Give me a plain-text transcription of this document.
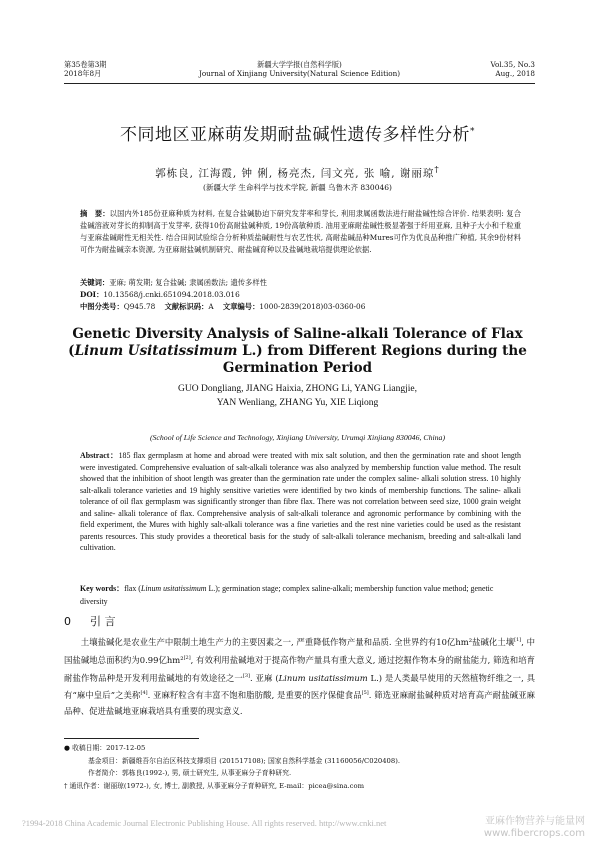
第35卷第3期
2018年8月
新疆大学学报(自然科学版)
Journal of Xinjiang University(Natural Science Edition)
Vol.35, No.3
Aug., 2018
不同地区亚麻萌发期耐盐碱性遗传多样性分析*
郭栋良, 江海霞, 钟 俐, 杨亮杰, 闫文亮, 张 喻, 谢丽琼†
(新疆大学 生命科学与技术学院, 新疆 乌鲁木齐 830046)
摘　要：以国内外185份亚麻种质为材料, 在复合盐碱胁迫下研究发芽率和芽长, 利用隶属函数法进行耐盐碱性综合评价. 结果表明: 复合盐碱溶液对芽长的抑制高于发芽率, 获得10份高耐盐碱种质, 19份高敏种质. 油用亚麻耐盐碱性极显著强于纤用亚麻, 且种子大小和千粒重与亚麻盐碱耐性无相关性. 结合田间试验综合分析种质盐碱耐性与农艺性状, 高耐盐碱品种Mures可作为优良品种推广种植, 其余9份材料可作为耐盐碱亲本资源, 为亚麻耐盐碱机制研究、耐盐碱育种以及盐碱地栽培提供理论依据.
关键词：亚麻; 萌发期; 复合盐碱; 隶属函数法; 遗传多样性
DOI：10.13568/j.cnki.651094.2018.03.016
中图分类号：Q945.78 文献标识码：A 文章编号：1000-2839(2018)03-0360-06
Genetic Diversity Analysis of Saline-alkali Tolerance of Flax
(Linum Usitatissimum L.) from Different Regions during the Germination Period
GUO Dongliang, JIANG Haixia, ZHONG Li, YANG Liangjie,
YAN Wenliang, ZHANG Yu, XIE Liqiong
(School of Life Science and Technology, Xinjiang University, Urumqi Xinjiang 830046, China)
Abstract：185 flax germplasm at home and abroad were treated with mix salt solution, and then the germination rate and shoot length were investigated. Comprehensive evaluation of salt-alkali tolerance was also analyzed by membership function value method. The result showed that the inhibition of shoot length was greater than the germination rate under the complex saline- alkali solution stress. 10 highly salt-alkali tolerance varieties and 19 highly sensitive varieties were identified by two kinds of membership functions. The saline- alkali tolerance of oil flax germplasm was significantly stronger than fibre flax. There was not correlation between seed size, 1000 grain weight and saline- alkali tolerance of flax. Comprehensive analysis of salt-alkali tolerance and agronomic performance by combining with the field experiment, the Mures with highly salt-alkali tolerance was a fine varieties and the rest nine varieties could be used as the resistant parents resources. This study provides a theoretical basis for the study of salt-alkali tolerance mechanism, breeding and salt-alkali land cultivation.
Key words：flax (Linum usitatissimum L.); germination stage; complex saline-alkali; membership function value method; genetic diversity
0 引 言
土壤盐碱化是农业生产中限制土地生产力的主要因素之一, 严重降低作物产量和品质. 全世界约有10亿hm²盐碱化土壤[1], 中国盐碱地总面积约为0.99亿hm²[2], 有效利用盐碱地对于提高作物产量具有重大意义, 通过挖掘作物本身的耐盐能力, 筛选和培育耐盐作物品种是开发利用盐碱地的有效途径之一[3]. 亚麻 (Linum usitatissimum L.) 是人类最早使用的天然植物纤维之一, 具有“麻中皇后”之美称[4]. 亚麻籽粒含有丰富不饱和脂肪酸, 是重要的医疗保健食品[5]. 筛选亚麻耐盐碱种质对培育高产耐盐碱亚麻品种、促进盐碱地亚麻栽培具有重要的现实意义.
● 收稿日期：2017-12-05
基金项目：新疆维吾尔自治区科技支撑项目 (201517108); 国家自然科学基金 (31160056/C020408).
作者简介：郭栋良(1992-), 男, 硕士研究生, 从事亚麻分子育种研究.
† 通讯作者：谢丽琼(1972-), 女, 博士, 副教授, 从事亚麻分子育种研究, E-mail：picea@sina.com
?1994-2018 China Academic Journal Electronic Publishing House. All rights reserved. http://www.cnki.net	亚麻作物营养与能量网
www.fibercrops.com
